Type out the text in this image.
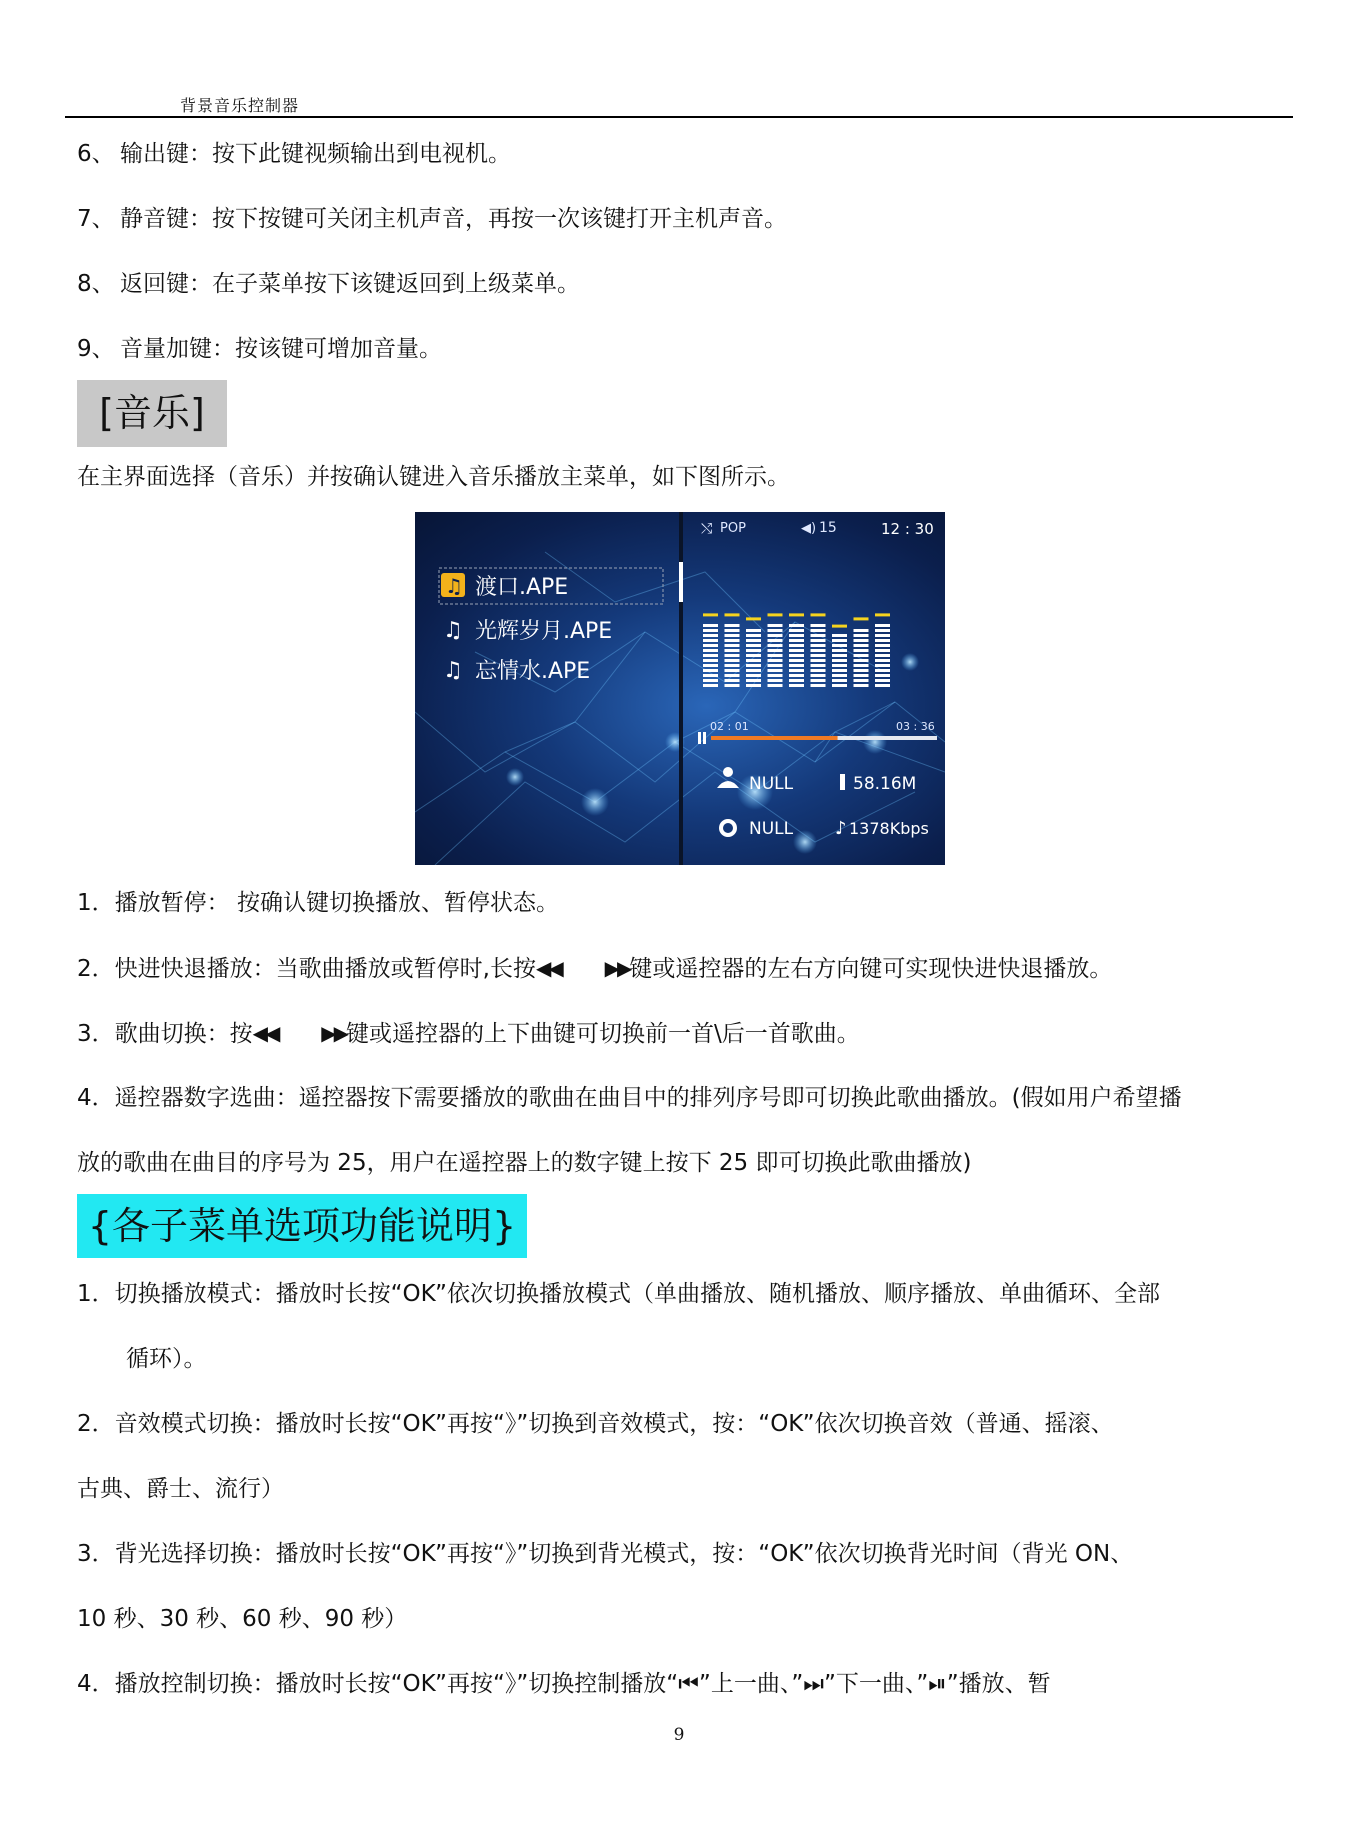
背景音乐控制器
6、 输出键：按下此键视频输出到电视机。
7、 静音键：按下按键可关闭主机声音，再按一次该键打开主机声音。
8、 返回键：在子菜单按下该键返回到上级菜单。
9、 音量加键：按该键可增加音量。
[音乐]
在主界面选择（音乐）并按确认键进入音乐播放主菜单，如下图所示。
♫ 渡口.APE
♫ 光辉岁月.APE
♫ 忘情水.APE
⤭ POP	◀) 15	12 : 30
02 : 01	03 : 36
NULL	58.16M
NULL ♪ 1378Kbps
1．播放暂停： 按确认键切换播放、暂停状态。
2．快进快退播放：当歌曲播放或暂停时,长按◀◀ ▶▶键或遥控器的左右方向键可实现快进快退播放。
3．歌曲切换：按◀◀ ▶▶键或遥控器的上下曲键可切换前一首\后一首歌曲。
4．遥控器数字选曲：遥控器按下需要播放的歌曲在曲目中的排列序号即可切换此歌曲播放。(假如用户希望播
放的歌曲在曲目的序号为 25，用户在遥控器上的数字键上按下 25 即可切换此歌曲播放)
{各子菜单选项功能说明}
1．切换播放模式：播放时长按“OK”依次切换播放模式（单曲播放、随机播放、顺序播放、单曲循环、全部
循环）。
2．音效模式切换：播放时长按“OK”再按“》”切换到音效模式，按：“OK”依次切换音效（普通、摇滚、
古典、爵士、流行）
3．背光选择切换：播放时长按“OK”再按“》”切换到背光模式，按：“OK”依次切换背光时间（背光 ON、
10 秒、30 秒、60 秒、90 秒）
4．播放控制切换：播放时长按“OK”再按“》”切换控制播放“⏮”上一曲、”⏭”下一曲、”⏯”播放、暂
9
